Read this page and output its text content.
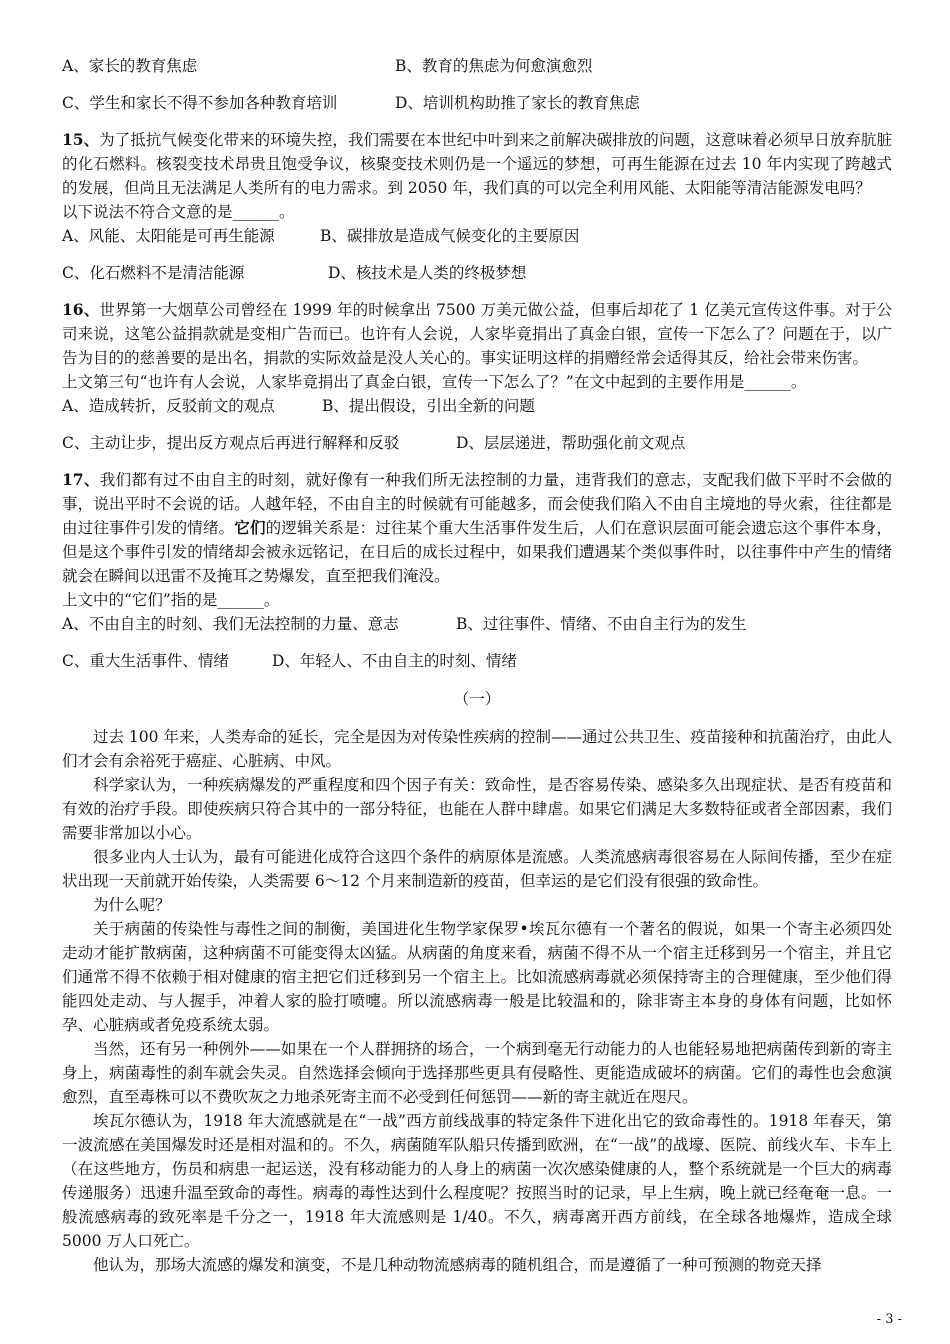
A、家长的教育焦虑	B、教育的焦虑为何愈演愈烈
C、学生和家长不得不参加各种教育培训	D、培训机构助推了家长的教育焦虑
15、为了抵抗气候变化带来的环境失控，我们需要在本世纪中叶到来之前解决碳排放的问题，这意味着必须早日放弃肮脏的化石燃料。核裂变技术昂贵且饱受争议，核聚变技术则仍是一个遥远的梦想，可再生能源在过去 10 年内实现了跨越式的发展，但尚且无法满足人类所有的电力需求。到 2050 年，我们真的可以完全利用风能、太阳能等清洁能源发电吗？
以下说法不符合文意的是______。
A、风能、太阳能是可再生能源	B、碳排放是造成气候变化的主要原因
C、化石燃料不是清洁能源	D、核技术是人类的终极梦想
16、世界第一大烟草公司曾经在 1999 年的时候拿出 7500 万美元做公益，但事后却花了 1 亿美元宣传这件事。对于公司来说，这笔公益捐款就是变相广告而已。也许有人会说，人家毕竟捐出了真金白银，宣传一下怎么了？问题在于，以广告为目的的慈善要的是出名，捐款的实际效益是没人关心的。事实证明这样的捐赠经常会适得其反，给社会带来伤害。
上文第三句“也许有人会说，人家毕竟捐出了真金白银，宣传一下怎么了？”在文中起到的主要作用是______。
A、造成转折，反驳前文的观点	B、提出假设，引出全新的问题
C、主动让步，提出反方观点后再进行解释和反驳	D、层层递进，帮助强化前文观点
17、我们都有过不由自主的时刻，就好像有一种我们所无法控制的力量，违背我们的意志，支配我们做下平时不会做的事，说出平时不会说的话。人越年轻，不由自主的时候就有可能越多，而会使我们陷入不由自主境地的导火索，往往都是由过往事件引发的情绪。它们的逻辑关系是：过往某个重大生活事件发生后，人们在意识层面可能会遗忘这个事件本身，但是这个事件引发的情绪却会被永远铭记，在日后的成长过程中，如果我们遭遇某个类似事件时，以往事件中产生的情绪就会在瞬间以迅雷不及掩耳之势爆发，直至把我们淹没。
上文中的“它们”指的是______。
A、不由自主的时刻、我们无法控制的力量、意志	B、过往事件、情绪、不由自主行为的发生
C、重大生活事件、情绪	D、年轻人、不由自主的时刻、情绪
（一）
过去 100 年来，人类寿命的延长，完全是因为对传染性疾病的控制——通过公共卫生、疫苗接种和抗菌治疗，由此人们才会有余裕死于癌症、心脏病、中风。
科学家认为，一种疾病爆发的严重程度和四个因子有关：致命性，是否容易传染、感染多久出现症状、是否有疫苗和有效的治疗手段。即使疾病只符合其中的一部分特征，也能在人群中肆虐。如果它们满足大多数特征或者全部因素，我们需要非常加以小心。
很多业内人士认为，最有可能进化成符合这四个条件的病原体是流感。人类流感病毒很容易在人际间传播，至少在症状出现一天前就开始传染，人类需要 6～12 个月来制造新的疫苗，但幸运的是它们没有很强的致命性。
为什么呢？
关于病菌的传染性与毒性之间的制衡，美国进化生物学家保罗•埃瓦尔德有一个著名的假说，如果一个寄主必须四处走动才能扩散病菌，这种病菌不可能变得太凶猛。从病菌的角度来看，病菌不得不从一个宿主迁移到另一个宿主，并且它们通常不得不依赖于相对健康的宿主把它们迁移到另一个宿主上。比如流感病毒就必须保持寄主的合理健康，至少他们得能四处走动、与人握手，冲着人家的脸打喷嚏。所以流感病毒一般是比较温和的，除非寄主本身的身体有问题，比如怀孕、心脏病或者免疫系统太弱。
当然，还有另一种例外——如果在一个人群拥挤的场合，一个病到毫无行动能力的人也能轻易地把病菌传到新的寄主身上，病菌毒性的刹车就会失灵。自然选择会倾向于选择那些更具有侵略性、更能造成破坏的病菌。它们的毒性也会愈演愈烈，直至毒株可以不费吹灰之力地杀死寄主而不必受到任何惩罚——新的寄主就近在咫尺。
埃瓦尔德认为，1918 年大流感就是在“一战”西方前线战事的特定条件下进化出它的致命毒性的。1918 年春天，第一波流感在美国爆发时还是相对温和的。不久，病菌随军队船只传播到欧洲，在“一战”的战壕、医院、前线火车、卡车上（在这些地方，伤员和病患一起运送，没有移动能力的人身上的病菌一次次感染健康的人，整个系统就是一个巨大的病毒传递服务）迅速升温至致命的毒性。病毒的毒性达到什么程度呢？按照当时的记录，早上生病，晚上就已经奄奄一息。一般流感病毒的致死率是千分之一，1918 年大流感则是 1/40。不久，病毒离开西方前线，在全球各地爆炸，造成全球 5000 万人口死亡。
他认为，那场大流感的爆发和演变，不是几种动物流感病毒的随机组合，而是遵循了一种可预测的物竞天择
- 3 -
